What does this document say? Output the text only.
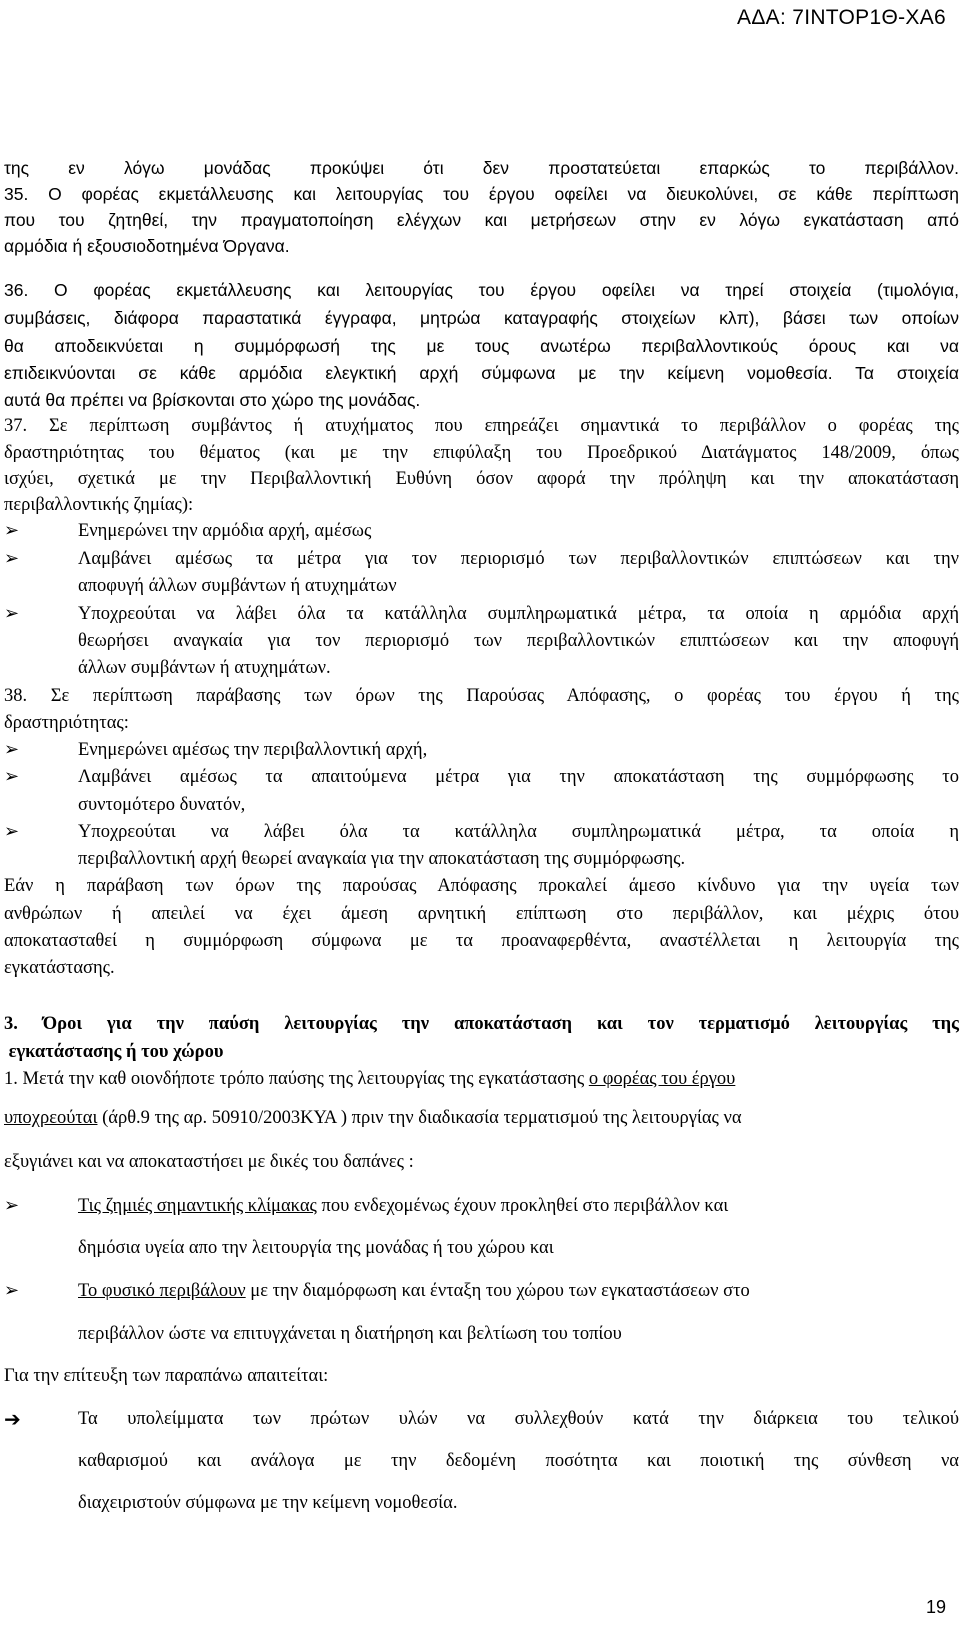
ΑΔΑ: 7ΙΝΤΟΡ1Θ-ΧΑ6
της εν λόγω μονάδας προκύψει ότι δεν προστατεύεται επαρκώς το περιβάλλον.
35. Ο φορέας εκμετάλλευσης και λειτουργίας του έργου οφείλει να διευκολύνει, σε κάθε περίπτωση
που του ζητηθεί, την πραγματοποίηση ελέγχων και μετρήσεων στην εν λόγω εγκατάσταση από
αρμόδια ή εξουσιοδοτημένα Όργανα.
36. Ο φορέας εκμετάλλευσης και λειτουργίας του έργου οφείλει να τηρεί στοιχεία (τιμολόγια,
συμβάσεις, διάφορα παραστατικά έγγραφα, μητρώα καταγραφής στοιχείων κλπ), βάσει των οποίων
θα αποδεικνύεται η συμμόρφωσή της με τους ανωτέρω περιβαλλοντικούς όρους και να
επιδεικνύονται σε κάθε αρμόδια ελεγκτική αρχή σύμφωνα με την κείμενη νομοθεσία. Τα στοιχεία
αυτά θα πρέπει να βρίσκονται στο χώρο της μονάδας.
37. Σε περίπτωση συμβάντος ή ατυχήματος που επηρεάζει σημαντικά το περιβάλλον ο φορέας της
δραστηριότητας του θέματος (και με την επιφύλαξη του Προεδρικού Διατάγματος 148/2009, όπως
ισχύει, σχετικά με την Περιβαλλοντική Ευθύνη όσον αφορά την πρόληψη και την αποκατάσταση
περιβαλλοντικής ζημίας):
➢	Ενημερώνει την αρμόδια αρχή, αμέσως
➢	Λαμβάνει αμέσως τα μέτρα για τον περιορισμό των περιβαλλοντικών επιπτώσεων και την
αποφυγή άλλων συμβάντων ή ατυχημάτων
➢	Υποχρεούται να λάβει όλα τα κατάλληλα συμπληρωματικά μέτρα, τα οποία η αρμόδια αρχή
θεωρήσει αναγκαία για τον περιορισμό των περιβαλλοντικών επιπτώσεων και την αποφυγή
άλλων συμβάντων ή ατυχημάτων.
38. Σε περίπτωση παράβασης των όρων της Παρούσας Απόφασης, ο φορέας του έργου ή της
δραστηριότητας:
➢	Ενημερώνει αμέσως την περιβαλλοντική αρχή,
➢	Λαμβάνει αμέσως τα απαιτούμενα μέτρα για την αποκατάσταση της συμμόρφωσης το
συντομότερο δυνατόν,
➢	Υποχρεούται να λάβει όλα τα κατάλληλα συμπληρωματικά μέτρα, τα οποία η
περιβαλλοντική αρχή θεωρεί αναγκαία για την αποκατάσταση της συμμόρφωσης.
Εάν η παράβαση των όρων της παρούσας Απόφασης προκαλεί άμεσο κίνδυνο για την υγεία των
ανθρώπων ή απειλεί να έχει άμεση αρνητική επίπτωση στο περιβάλλον, και μέχρις ότου
αποκατασταθεί η συμμόρφωση σύμφωνα με τα προαναφερθέντα, αναστέλλεται η λειτουργία της
εγκατάστασης.
3. Όροι για την παύση λειτουργίας την αποκατάσταση και τον τερματισμό λειτουργίας της
εγκατάστασης ή του χώρου
1. Μετά την καθ οιονδήποτε τρόπο παύσης της λειτουργίας της εγκατάστασης ο φορέας του έργου
υποχρεούται (άρθ.9 της αρ. 50910/2003ΚΥΑ ) πριν την διαδικασία τερματισμού της λειτουργίας να
εξυγιάνει και να αποκαταστήσει με δικές του δαπάνες :
➢	Τις ζημιές σημαντικής κλίμακας που ενδεχομένως έχουν προκληθεί στο περιβάλλον και
δημόσια υγεία απο την λειτουργία της μονάδας ή του χώρου και
➢	Το φυσικό περιβάλουν με την διαμόρφωση και ένταξη του χώρου των εγκαταστάσεων στο
περιβάλλον ώστε να επιτυγχάνεται η διατήρηση και βελτίωση του τοπίου
Για την επίτευξη των παραπάνω απαιτείται:
➔	Τα υπολείμματα των πρώτων υλών να συλλεχθούν κατά την διάρκεια του τελικού
καθαρισμού και ανάλογα με την δεδομένη ποσότητα και ποιοτική της σύνθεση να
διαχειριστούν σύμφωνα με την κείμενη νομοθεσία.
19
